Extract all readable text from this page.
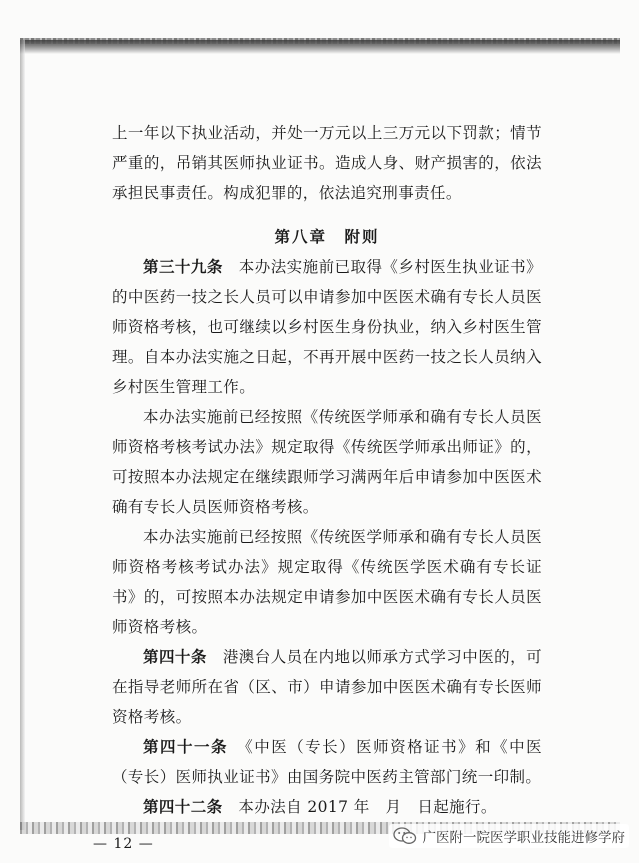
上一年以下执业活动，并处一万元以上三万元以下罚款；情节严重的，吊销其医师执业证书。造成人身、财产损害的，依法承担民事责任。构成犯罪的，依法追究刑事责任。

第八章　附则

第三十九条　本办法实施前已取得《乡村医生执业证书》的中医药一技之长人员可以申请参加中医医术确有专长人员医师资格考核，也可继续以乡村医生身份执业，纳入乡村医生管理。自本办法实施之日起，不再开展中医药一技之长人员纳入乡村医生管理工作。

本办法实施前已经按照《传统医学师承和确有专长人员医师资格考核考试办法》规定取得《传统医学师承出师证》的，可按照本办法规定在继续跟师学习满两年后申请参加中医医术确有专长人员医师资格考核。

本办法实施前已经按照《传统医学师承和确有专长人员医师资格考核考试办法》规定取得《传统医学医术确有专长证书》的，可按照本办法规定申请参加中医医术确有专长人员医师资格考核。

第四十条　港澳台人员在内地以师承方式学习中医的，可在指导老师所在省（区、市）申请参加中医医术确有专长医师资格考核。

第四十一条　《中医（专长）医师资格证书》和《中医（专长）医师执业证书》由国务院中医药主管部门统一印制。

第四十二条　本办法自 2017 年　月　日起施行。

— 12 —	广医附一院医学职业技能进修学府
